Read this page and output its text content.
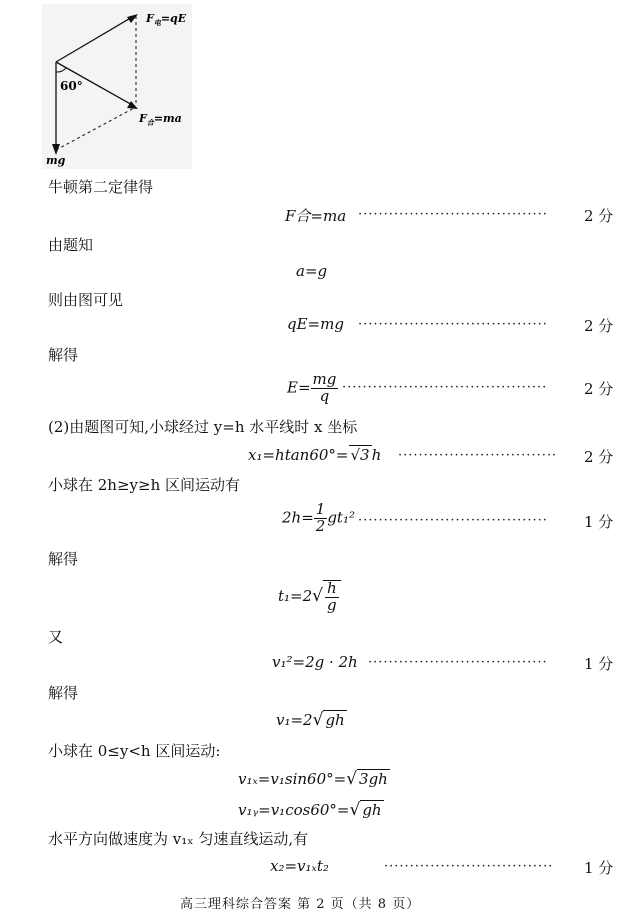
60°
$F_电=qE$
$F_合=ma$
mg
牛顿第二定律得
F合=ma ·····································	2 分
由题知
a=g
则由图可见
qE=mg ·····································	2 分
解得
$E= \frac{mg}{q}$ ········································	2 分
(2)由题图可知,小球经过 y=h 水平线时 x 坐标
x₁=htan60°= √3 h ·······························	2 分
小球在 2h≥y≥h 区间运动有
$2h= \frac{1}{2} gt_1^2$ ·····································	1 分
解得
$t_1=2√ \frac{h}{g}$
又
v₁²=2g · 2h ···································	1 分
解得
v₁=2√ gh
小球在 0≤y<h 区间运动:
v₁ₓ=v₁sin60°=√ 3gh
v₁ᵧ=v₁cos60°=√ gh
水平方向做速度为 v₁ₓ 匀速直线运动,有
x₂=v₁ₓt₂	·································	1 分
高三理科综合答案 第 2 页（共 8 页）
